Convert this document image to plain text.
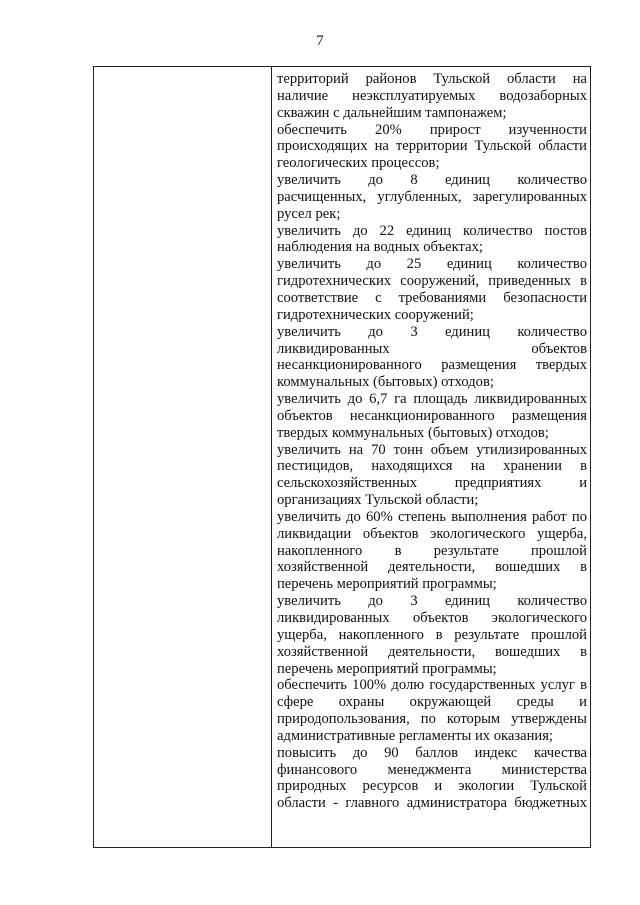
7
территорий районов Тульской области на
наличие неэксплуатируемых водозаборных
скважин с дальнейшим тампонажем;
обеспечить 20% прирост изученности
происходящих на территории Тульской области
геологических процессов;
увеличить до 8 единиц количество
расчищенных, углубленных, зарегулированных
русел рек;
увеличить до 22 единиц количество постов
наблюдения на водных объектах;
увеличить до 25 единиц количество
гидротехнических сооружений, приведенных в
соответствие с требованиями безопасности
гидротехнических сооружений;
увеличить до 3 единиц количество
ликвидированных объектов
несанкционированного размещения твердых
коммунальных (бытовых) отходов;
увеличить до 6,7 га площадь ликвидированных
объектов несанкционированного размещения
твердых коммунальных (бытовых) отходов;
увеличить на 70 тонн объем утилизированных
пестицидов, находящихся на хранении в
сельскохозяйственных предприятиях и
организациях Тульской области;
увеличить до 60% степень выполнения работ по
ликвидации объектов экологического ущерба,
накопленного в результате прошлой
хозяйственной деятельности, вошедших в
перечень мероприятий программы;
увеличить до 3 единиц количество
ликвидированных объектов экологического
ущерба, накопленного в результате прошлой
хозяйственной деятельности, вошедших в
перечень мероприятий программы;
обеспечить 100% долю государственных услуг в
сфере охраны окружающей среды и
природопользования, по которым утверждены
административные регламенты их оказания;
повысить до 90 баллов индекс качества
финансового менеджмента министерства
природных ресурсов и экологии Тульской
области - главного администратора бюджетных
